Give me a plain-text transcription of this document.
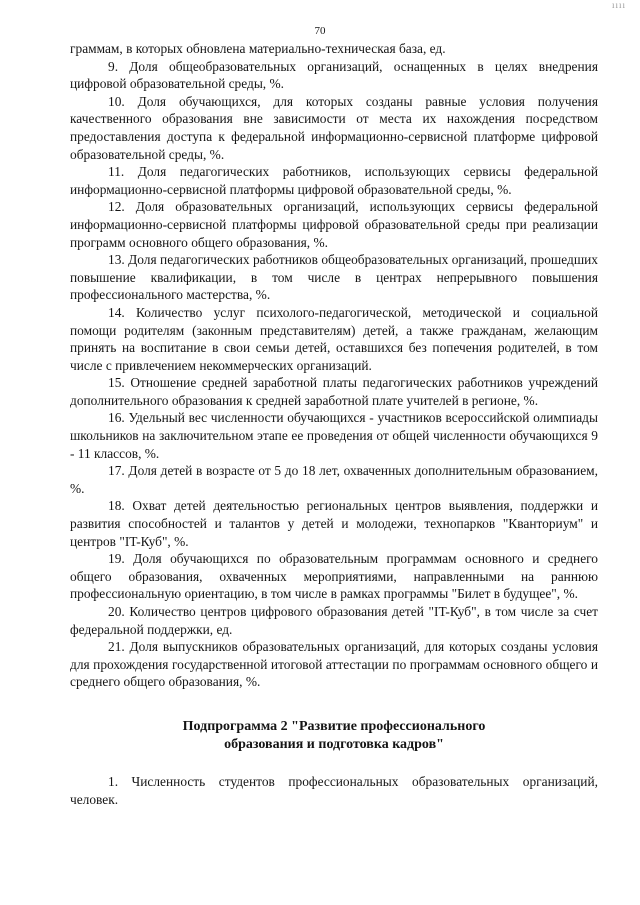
ıııı
70

граммам, в которых обновлена материально-техническая база, ед.

9. Доля общеобразовательных организаций, оснащенных в целях внедрения цифровой образовательной среды, %.

10. Доля обучающихся, для которых созданы равные условия получения качественного образования вне зависимости от места их нахождения посредством предоставления доступа к федеральной информационно-сервисной платформе цифровой образовательной среды, %.

11. Доля педагогических работников, использующих сервисы федеральной информационно-сервисной платформы цифровой образовательной среды, %.

12. Доля образовательных организаций, использующих сервисы федеральной информационно-сервисной платформы цифровой образовательной среды при реализации программ основного общего образования, %.

13. Доля педагогических работников общеобразовательных организаций, прошедших повышение квалификации, в том числе в центрах непрерывного повышения профессионального мастерства, %.

14. Количество услуг психолого-педагогической, методической и социальной помощи родителям (законным представителям) детей, а также гражданам, желающим принять на воспитание в свои семьи детей, оставшихся без попечения родителей, в том числе с привлечением некоммерческих организаций.

15. Отношение средней заработной платы педагогических работников учреждений дополнительного образования к средней заработной плате учителей в регионе, %.

16. Удельный вес численности обучающихся - участников всероссийской олимпиады школьников на заключительном этапе ее проведения от общей численности обучающихся 9 - 11 классов, %.

17. Доля детей в возрасте от 5 до 18 лет, охваченных дополнительным образованием, %.

18. Охват детей деятельностью региональных центров выявления, поддержки и развития способностей и талантов у детей и молодежи, технопарков "Кванториум" и центров "IT-Куб", %.

19. Доля обучающихся по образовательным программам основного и среднего общего образования, охваченных мероприятиями, направленными на раннюю профессиональную ориентацию, в том числе в рамках программы "Билет в будущее", %.

20. Количество центров цифрового образования детей "IT-Куб", в том числе за счет федеральной поддержки, ед.

21. Доля выпускников образовательных организаций, для которых созданы условия для прохождения государственной итоговой аттестации по программам основного общего и среднего общего образования, %.

Подпрограмма 2 "Развитие профессионального
образования и подготовка кадров"

1. Численность студентов профессиональных образовательных организаций, человек.
